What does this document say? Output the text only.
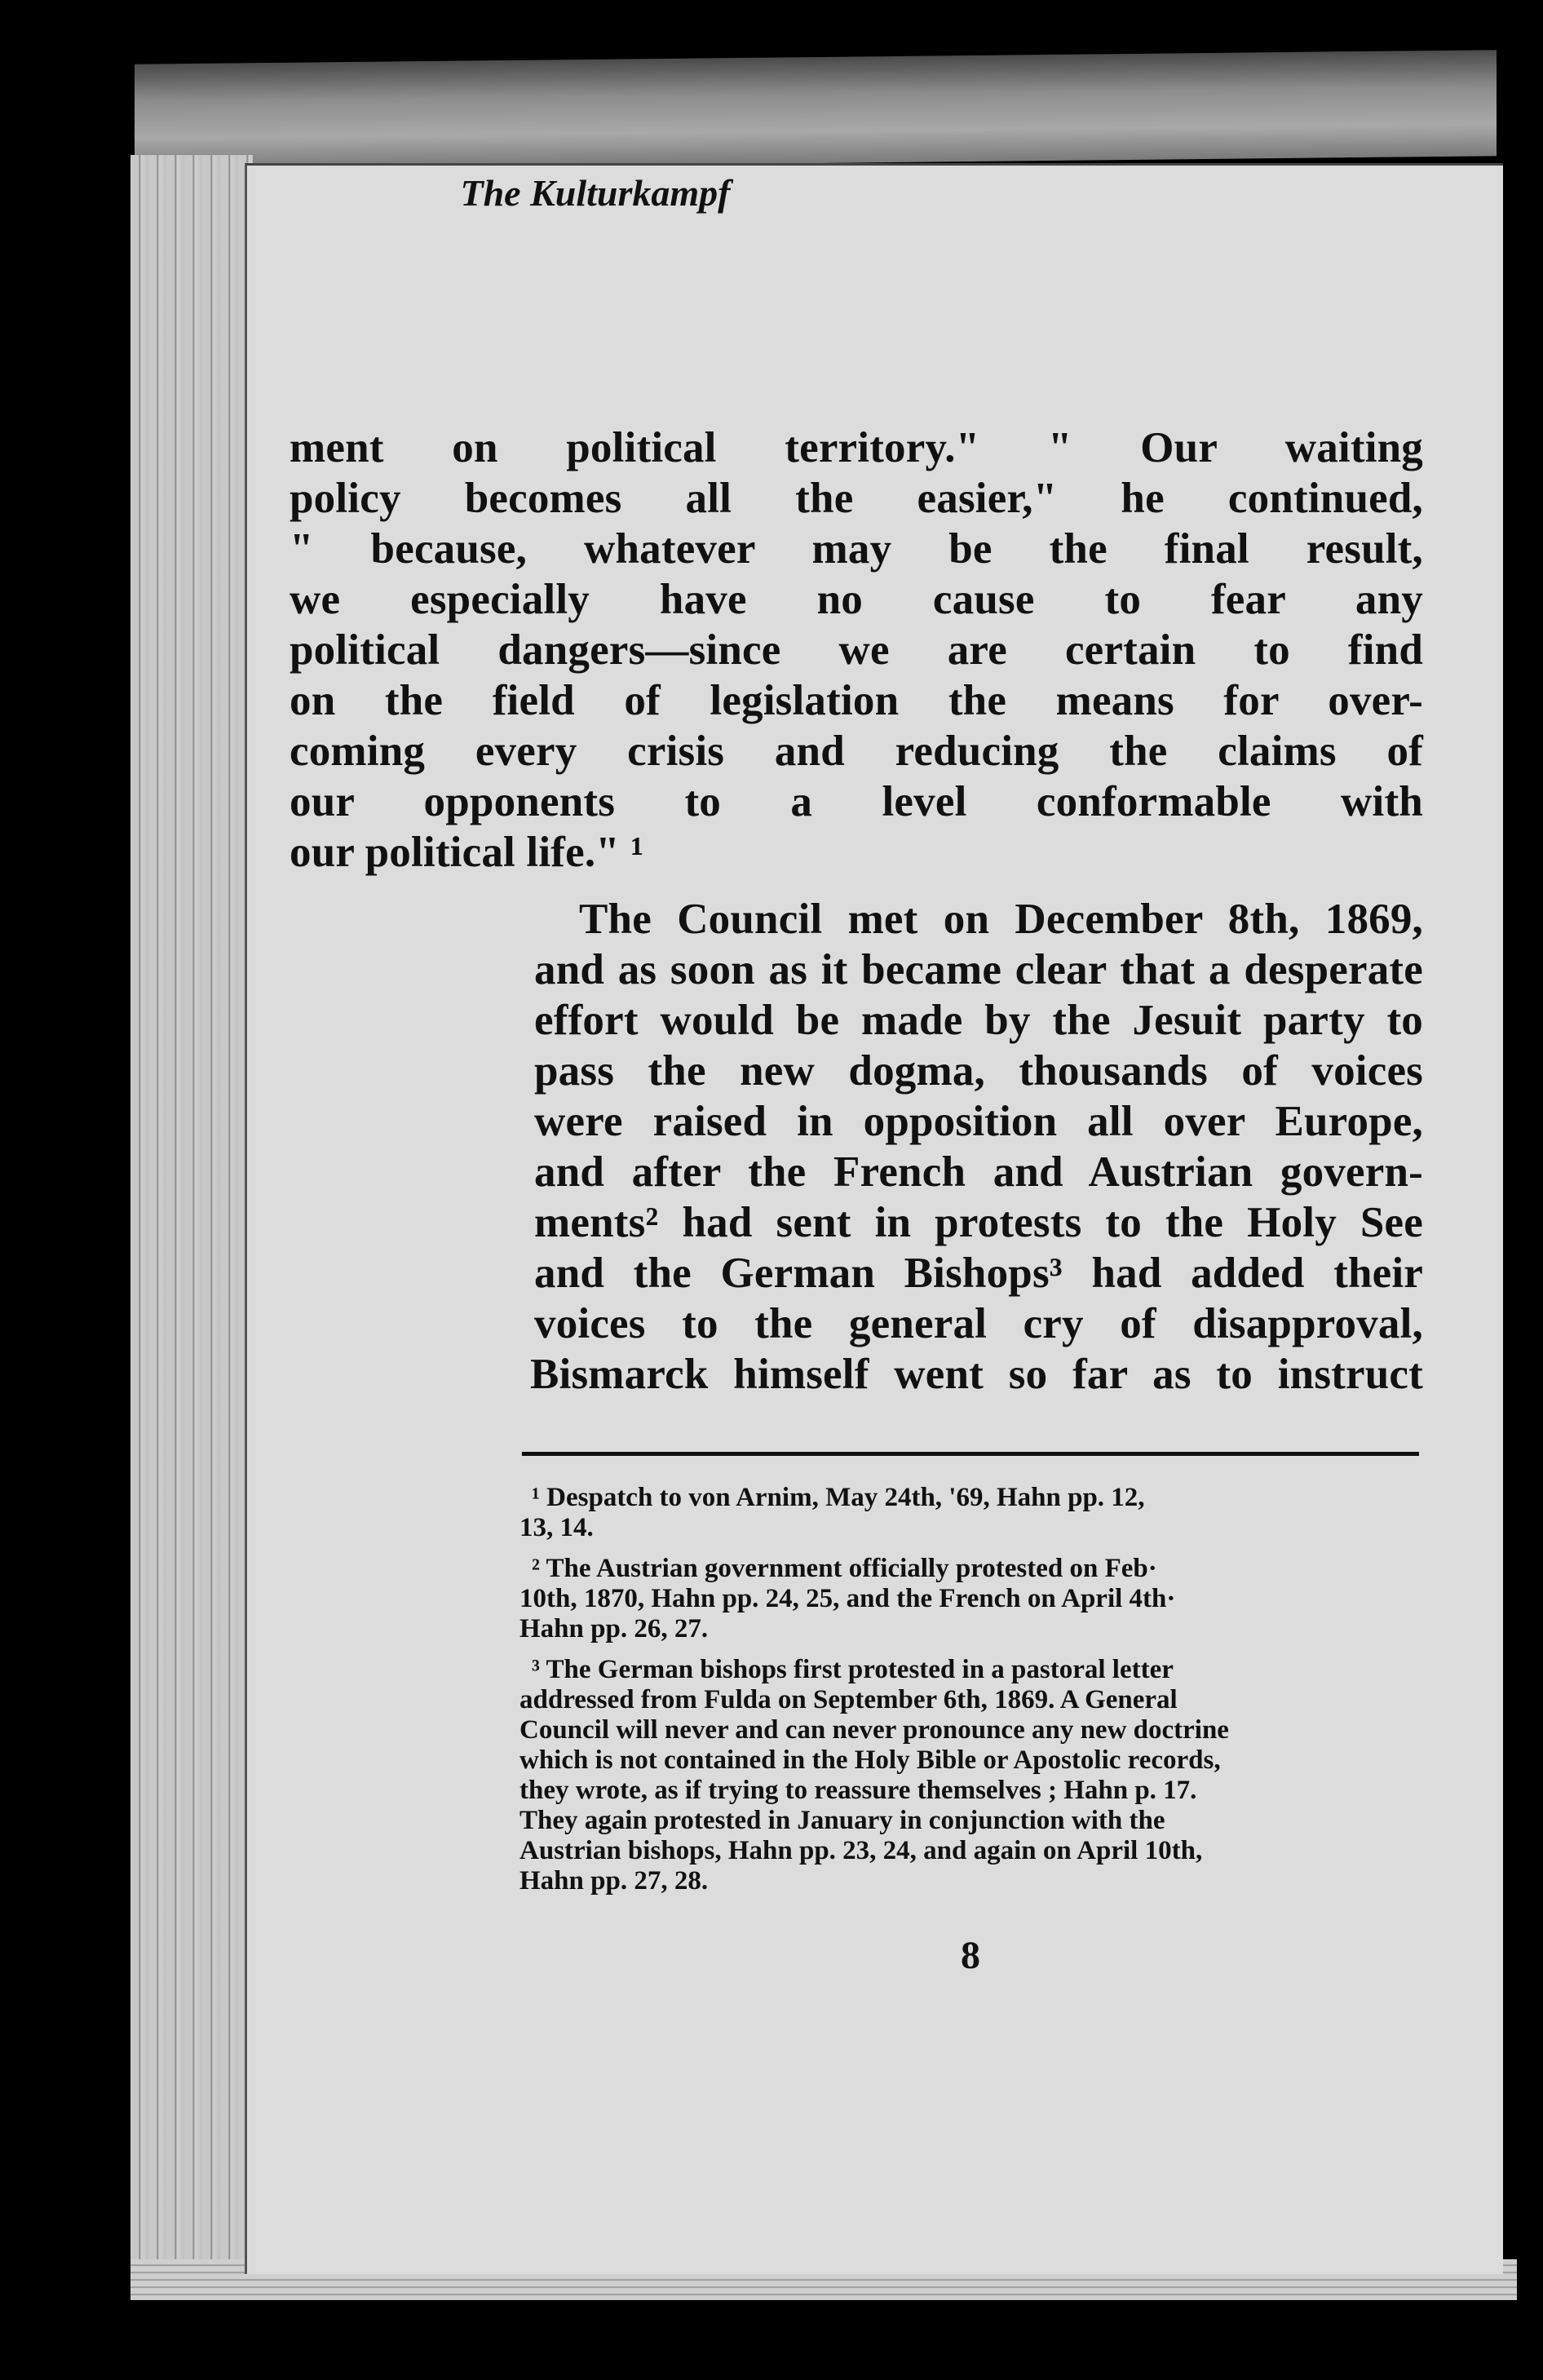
The Kulturkampf
ment on political territory." " Our waiting
policy becomes all the easier," he continued,
" because, whatever may be the final result,
we especially have no cause to fear any
political dangers—since we are certain to find
on the field of legislation the means for over-
coming every crisis and reducing the claims of
our opponents to a level conformable with
our political life." ¹
The Council met on December 8th, 1869,
and as soon as it became clear that a desperate
effort would be made by the Jesuit party to
pass the new dogma, thousands of voices
were raised in opposition all over Europe,
and after the French and Austrian govern-
ments² had sent in protests to the Holy See
and the German Bishops³ had added their
voices to the general cry of disapproval,
Bismarck himself went so far as to instruct
¹ Despatch to von Arnim, May 24th, '69, Hahn pp. 12,
13, 14.
² The Austrian government officially protested on Feb·
10th, 1870, Hahn pp. 24, 25, and the French on April 4th·
Hahn pp. 26, 27.
³ The German bishops first protested in a pastoral letter
addressed from Fulda on September 6th, 1869. A General
Council will never and can never pronounce any new doctrine
which is not contained in the Holy Bible or Apostolic records,
they wrote, as if trying to reassure themselves ; Hahn p. 17.
They again protested in January in conjunction with the
Austrian bishops, Hahn pp. 23, 24, and again on April 10th,
Hahn pp. 27, 28.
8
